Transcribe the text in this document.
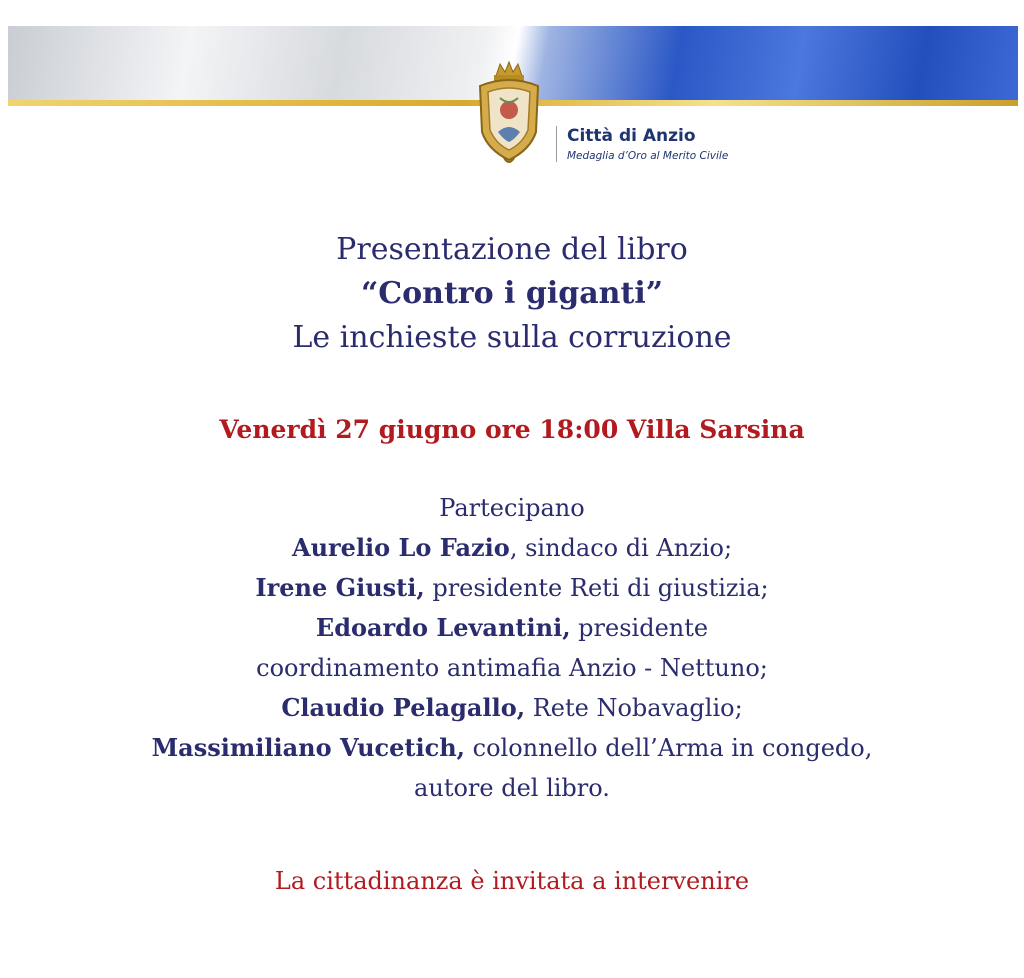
Città di Anzio
Medaglia d’Oro al Merito Civile
Presentazione del libro
“Contro i giganti”
Le inchieste sulla corruzione
Venerdì 27 giugno ore 18:00 Villa Sarsina
Partecipano
Aurelio Lo Fazio, sindaco di Anzio;
Irene Giusti, presidente Reti di giustizia;
Edoardo Levantini, presidente
coordinamento antimafia Anzio - Nettuno;
Claudio Pelagallo, Rete Nobavaglio;
Massimiliano Vucetich, colonnello dell’Arma in congedo,
autore del libro.
La cittadinanza è invitata a intervenire
